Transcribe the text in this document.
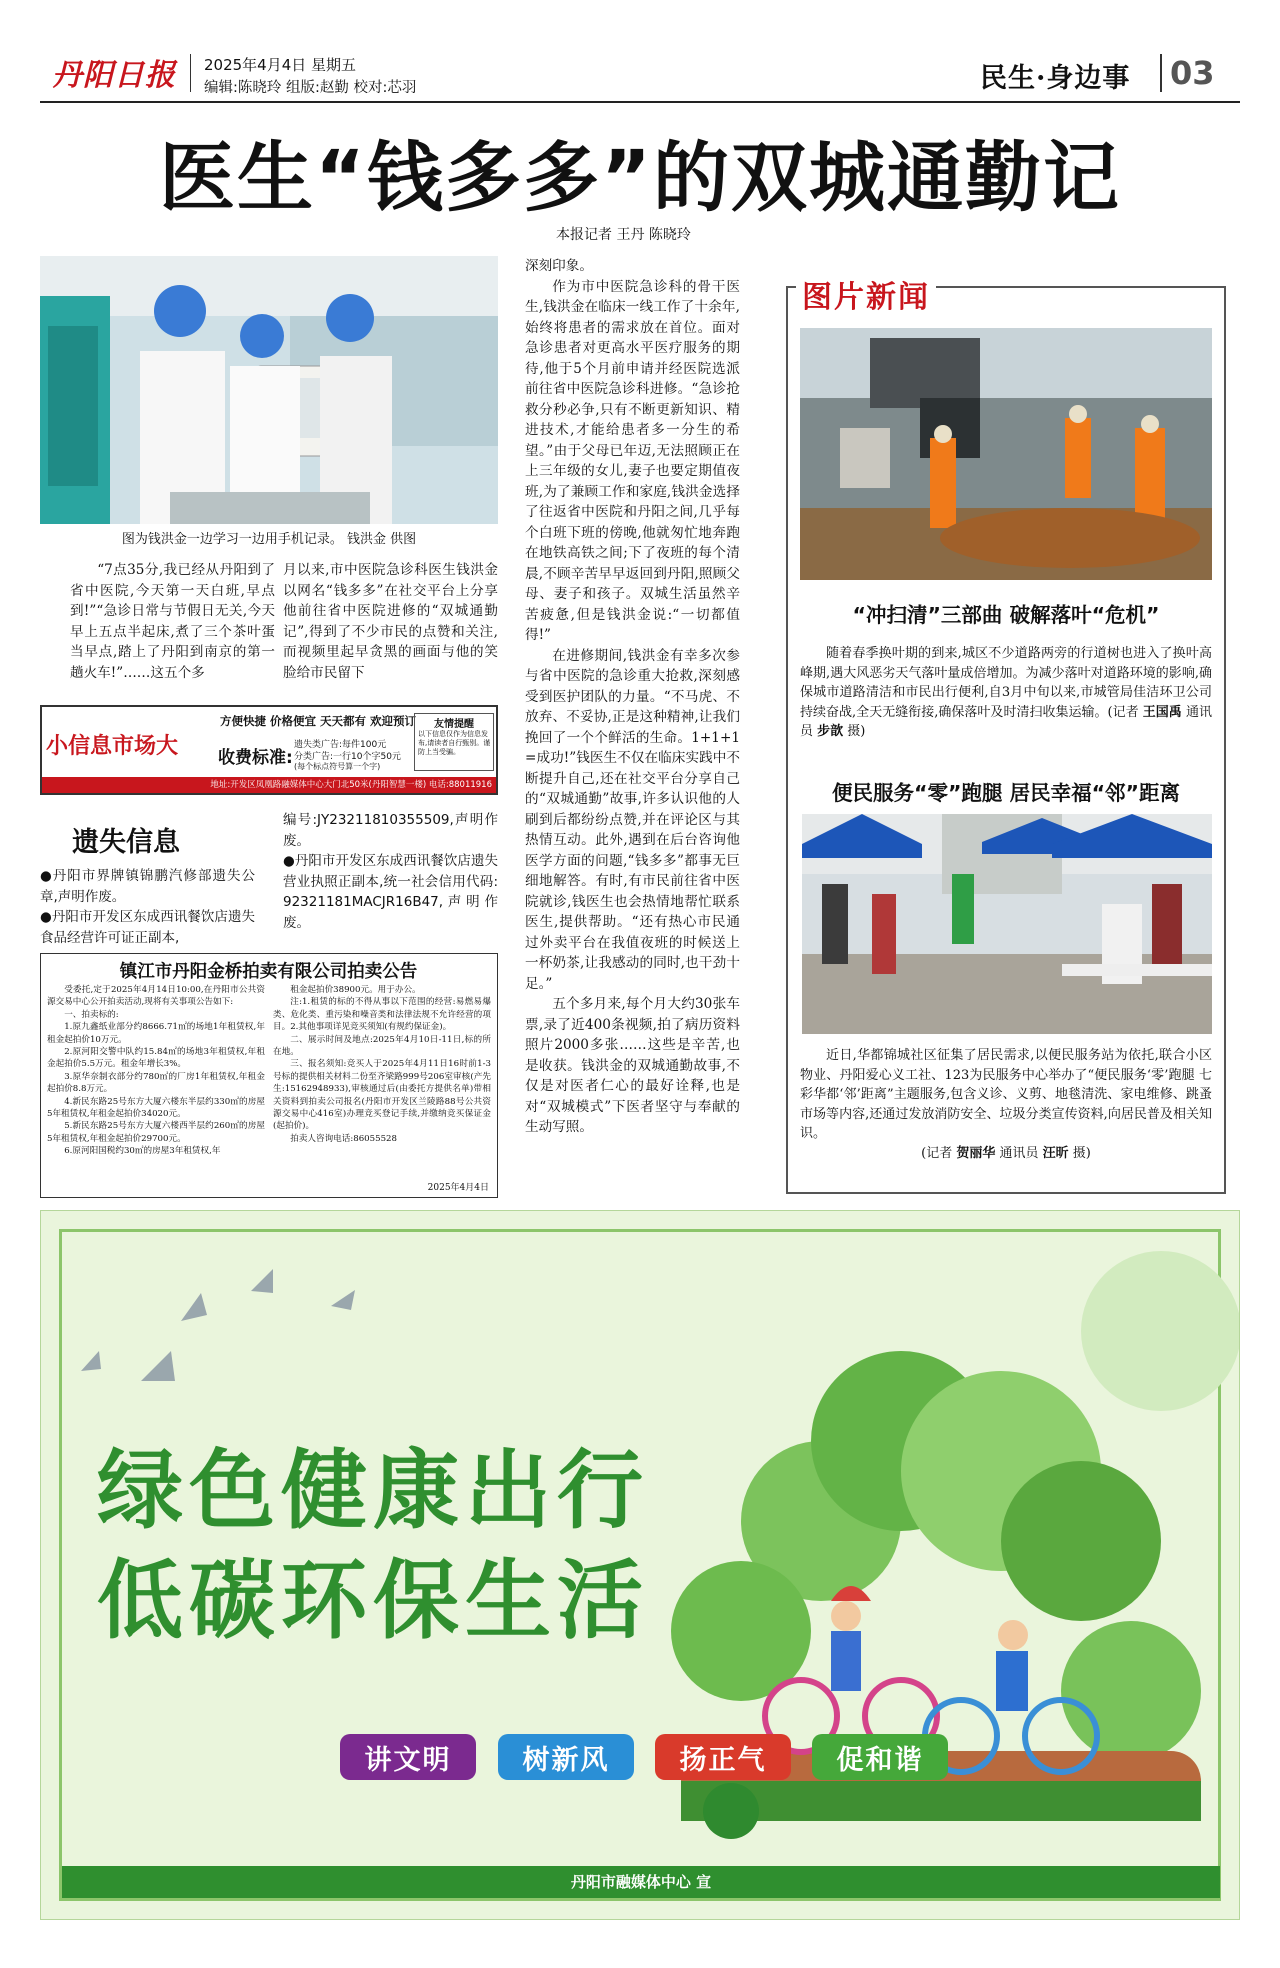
丹阳日报	2025年4月4日 星期五
编辑:陈晓玲 组版:赵勤 校对:芯羽	民生·身边事 03
医生“钱多多”的双城通勤记
本报记者 王丹 陈晓玲
图为钱洪金一边学习一边用手机记录。 钱洪金 供图

“7点35分,我已经从丹阳到了省中医院,今天第一天白班,早点到!”“急诊日常与节假日无关,今天早上五点半起床,煮了三个茶叶蛋当早点,踏上了丹阳到南京的第一趟火车!”……这五个多

月以来,市中医院急诊科医生钱洪金以网名“钱多多”在社交平台上分享他前往省中医院进修的“双城通勤记”,得到了不少市民的点赞和关注,而视频里起早贪黑的画面与他的笑脸给市民留下

深刻印象。

作为市中医院急诊科的骨干医生,钱洪金在临床一线工作了十余年,始终将患者的需求放在首位。面对急诊患者对更高水平医疗服务的期待,他于5个月前申请并经医院选派前往省中医院急诊科进修。“急诊抢救分秒必争,只有不断更新知识、精进技术,才能给患者多一分生的希望。”由于父母已年迈,无法照顾正在上三年级的女儿,妻子也要定期值夜班,为了兼顾工作和家庭,钱洪金选择了往返省中医院和丹阳之间,几乎每个白班下班的傍晚,他就匆忙地奔跑在地铁高铁之间;下了夜班的每个清晨,不顾辛苦早早返回到丹阳,照顾父母、妻子和孩子。双城生活虽然辛苦疲惫,但是钱洪金说:“一切都值得!”

在进修期间,钱洪金有幸多次参与省中医院的急诊重大抢救,深刻感受到医护团队的力量。“不马虎、不放弃、不妥协,正是这种精神,让我们挽回了一个个鲜活的生命。1+1+1=成功!”钱医生不仅在临床实践中不断提升自己,还在社交平台分享自己的“双城通勤”故事,许多认识他的人刷到后都纷纷点赞,并在评论区与其热情互动。此外,遇到在后台咨询他医学方面的问题,“钱多多”都事无巨细地解答。有时,有市民前往省中医院就诊,钱医生也会热情地帮忙联系医生,提供帮助。“还有热心市民通过外卖平台在我值夜班的时候送上一杯奶茶,让我感动的同时,也干劲十足。”

五个多月来,每个月大约30张车票,录了近400条视频,拍了病历资料照片2000多张……这些是辛苦,也是收获。钱洪金的双城通勤故事,不仅是对医者仁心的最好诠释,也是对“双城模式”下医者坚守与奉献的生动写照。

小信息市场大
方便快捷 价格便宜 天天都有 欢迎预订
收费标准:
遗失类广告:每件100元
分类广告:一行10个字50元
(每个标点符号算一个字)
友情提醒
以下信息仅作为信息发布,请读者自行甄别。谨防上当受骗。
地址:开发区凤凰路融媒体中心大门北50米(丹阳智慧一楼) 电话:88011916
遗失信息

●丹阳市界牌镇锦鹏汽修部遗失公章,声明作废。

●丹阳市开发区东成西讯餐饮店遗失食品经营许可证正副本,

编号:JY23211810355509,声明作废。

●丹阳市开发区东成西讯餐饮店遗失营业执照正副本,统一社会信用代码:92321181MACJR16B47,声明作废。

镇江市丹阳金桥拍卖有限公司拍卖公告
受委托,定于2025年4月14日10:00,在丹阳市公共资源交易中心公开拍卖活动,现将有关事项公告如下:
一、拍卖标的:
1.原九鑫纸业部分约8666.71㎡的场地1年租赁权,年租金起拍价10万元。
2.原河阳交警中队约15.84㎡的场地3年租赁权,年租金起拍价5.5万元。租金年增长3%。
3.原华奈制衣部分约780㎡的厂房1年租赁权,年租金起拍价8.8万元。
4.新民东路25号东方大厦六楼东半层约330㎡的房屋5年租赁权,年租金起拍价34020元。
5.新民东路25号东方大厦六楼西半层约260㎡的房屋5年租赁权,年租金起拍价29700元。
6.原河阳国税约30㎡的房屋3年租赁权,年
租金起拍价38900元。用于办公。
注:1.租赁的标的不得从事以下范围的经营:易燃易爆类、危化类、重污染和噪音类和法律法规不允许经营的项目。2.其他事项详见竞买须知(有规约保证金)。
二、展示时间及地点:2025年4月10日-11日,标的所在地。
三、报名须知:竞买人于2025年4月11日16时前1-3号标的提供相关材料二份至齐梁路999号206室审核(产先生:15162948933),审核通过后(由委托方提供名单)带相关资料到拍卖公司报名(丹阳市开发区兰陵路88号公共资源交易中心416室)办理竞买登记手续,并缴纳竞买保证金(起拍价)。
拍卖人咨询电话:86055528
2025年4月4日
图片新闻
“冲扫清”三部曲 破解落叶“危机”

随着春季换叶期的到来,城区不少道路两旁的行道树也进入了换叶高峰期,遇大风恶劣天气落叶量成倍增加。为减少落叶对道路环境的影响,确保城市道路清洁和市民出行便利,自3月中旬以来,市城管局佳洁环卫公司持续奋战,全天无缝衔接,确保落叶及时清扫收集运输。(记者 王国禹 通讯员 步歆 摄)

便民服务“零”跑腿 居民幸福“邻”距离

近日,华都锦城社区征集了居民需求,以便民服务站为依托,联合小区物业、丹阳爱心义工社、123为民服务中心举办了“便民服务‘零’跑腿 七彩华都‘邻’距离”主题服务,包含义诊、义剪、地毯清洗、家电维修、跳蚤市场等内容,还通过发放消防安全、垃圾分类宣传资料,向居民普及相关知识。

(记者 贺丽华 通讯员 汪昕 摄)

绿色健康出行
低碳环保生活
讲文明	树新风	扬正气	促和谐
丹阳市融媒体中心 宣
